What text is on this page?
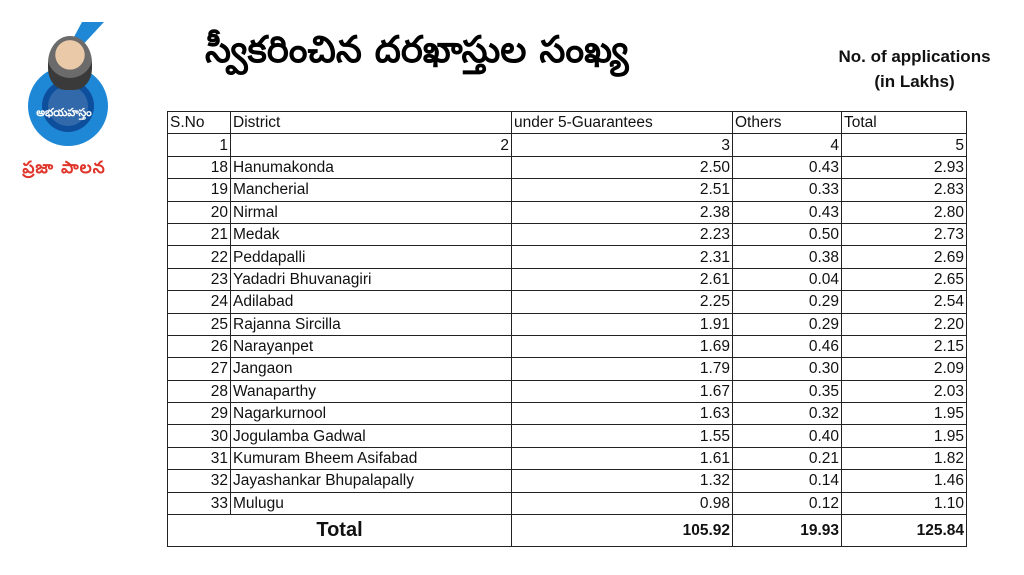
అభయహస్తం
ప్రజా పాలన
స్వీకరించిన దరఖాస్తుల సంఖ్య	No. of applications
(in Lakhs)
S.No	District	under 5-Guarantees	Others	Total
1	2	3	4	5
18	Hanumakonda	2.50	0.43	2.93
19	Mancherial	2.51	0.33	2.83
20	Nirmal	2.38	0.43	2.80
21	Medak	2.23	0.50	2.73
22	Peddapalli	2.31	0.38	2.69
23	Yadadri Bhuvanagiri	2.61	0.04	2.65
24	Adilabad	2.25	0.29	2.54
25	Rajanna Sircilla	1.91	0.29	2.20
26	Narayanpet	1.69	0.46	2.15
27	Jangaon	1.79	0.30	2.09
28	Wanaparthy	1.67	0.35	2.03
29	Nagarkurnool	1.63	0.32	1.95
30	Jogulamba Gadwal	1.55	0.40	1.95
31	Kumuram Bheem Asifabad	1.61	0.21	1.82
32	Jayashankar Bhupalapally	1.32	0.14	1.46
33	Mulugu	0.98	0.12	1.10
Total		105.92	19.93	125.84
